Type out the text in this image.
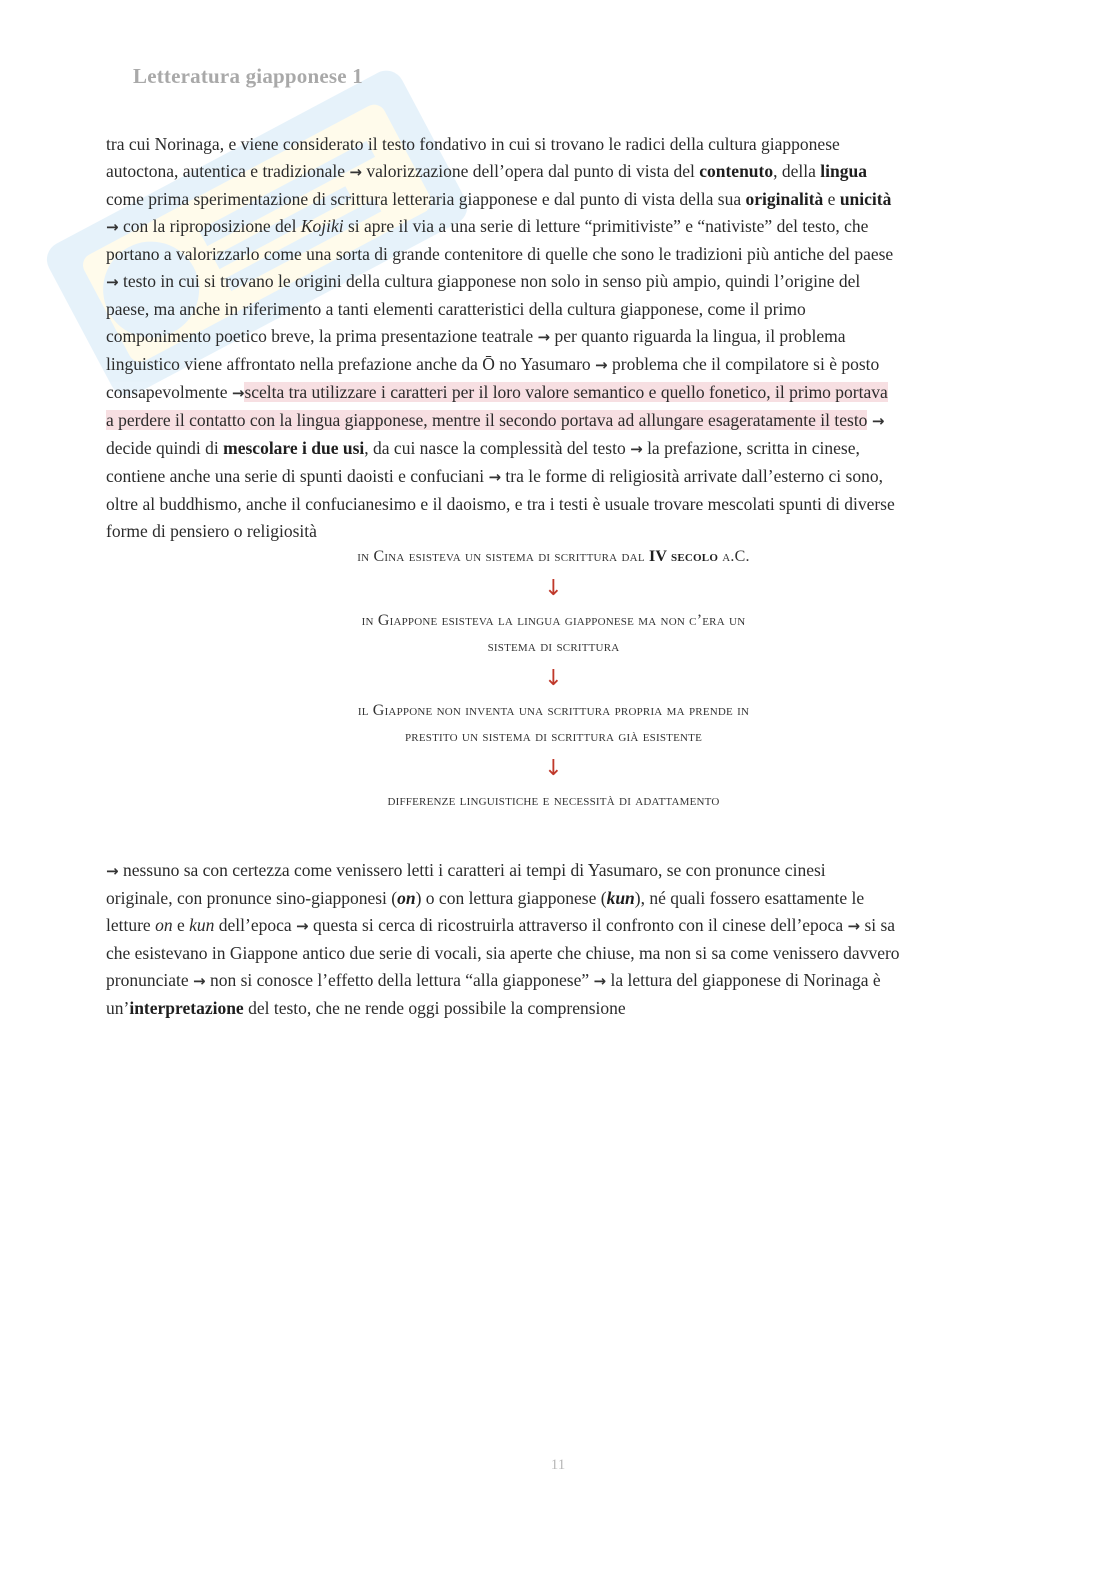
Letteratura giapponese 1
tra cui Norinaga, e viene considerato il testo fondativo in cui si trovano le radici della cultura giapponese
autoctona, autentica e tradizionale → valorizzazione dell’opera dal punto di vista del contenuto, della lingua
come prima sperimentazione di scrittura letteraria giapponese e dal punto di vista della sua originalità e unicità
→ con la riproposizione del Kojiki si apre il via a una serie di letture “primitiviste” e “nativiste” del testo, che
portano a valorizzarlo come una sorta di grande contenitore di quelle che sono le tradizioni più antiche del paese
→ testo in cui si trovano le origini della cultura giapponese non solo in senso più ampio, quindi l’origine del
paese, ma anche in riferimento a tanti elementi caratteristici della cultura giapponese, come il primo
componimento poetico breve, la prima presentazione teatrale → per quanto riguarda la lingua, il problema
linguistico viene affrontato nella prefazione anche da Ō no Yasumaro → problema che il compilatore si è posto
consapevolmente →scelta tra utilizzare i caratteri per il loro valore semantico e quello fonetico, il primo portava
a perdere il contatto con la lingua giapponese, mentre il secondo portava ad allungare esageratamente il testo →
decide quindi di mescolare i due usi, da cui nasce la complessità del testo → la prefazione, scritta in cinese,
contiene anche una serie di spunti daoisti e confuciani → tra le forme di religiosità arrivate dall’esterno ci sono,
oltre al buddhismo, anche il confucianesimo e il daoismo, e tra i testi è usuale trovare mescolati spunti di diverse
forme di pensiero o religiosità

in Cina esisteva un sistema di scrittura dal IV secolo a.C.

↓

in Giappone esisteva la lingua giapponese ma non c’era un
sistema di scrittura

↓

il Giappone non inventa una scrittura propria ma prende in
prestito un sistema di scrittura già esistente

↓

differenze linguistiche e necessità di adattamento

→ nessuno sa con certezza come venissero letti i caratteri ai tempi di Yasumaro, se con pronunce cinesi
originale, con pronunce sino-giapponesi (on) o con lettura giapponese (kun), né quali fossero esattamente le
letture on e kun dell’epoca → questa si cerca di ricostruirla attraverso il confronto con il cinese dell’epoca → si sa
che esistevano in Giappone antico due serie di vocali, sia aperte che chiuse, ma non si sa come venissero davvero
pronunciate → non si conosce l’effetto della lettura “alla giapponese” → la lettura del giapponese di Norinaga è
un’interpretazione del testo, che ne rende oggi possibile la comprensione
11
